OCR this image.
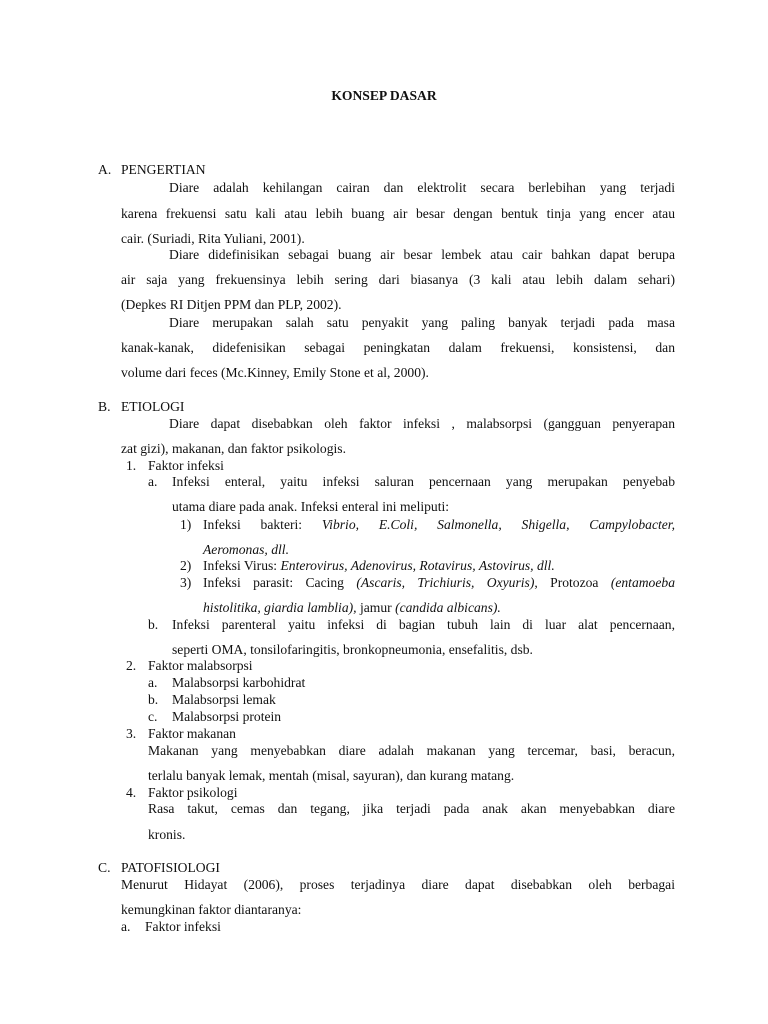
KONSEP DASAR
A. PENGERTIAN
Diare adalah kehilangan cairan dan elektrolit secara berlebihan yang terjadi
karena frekuensi satu kali atau lebih buang air besar dengan bentuk tinja yang encer atau
cair. (Suriadi, Rita Yuliani, 2001).
Diare didefinisikan sebagai buang air besar lembek atau cair bahkan dapat berupa
air saja yang frekuensinya lebih sering dari biasanya (3 kali atau lebih dalam sehari)
(Depkes RI Ditjen PPM dan PLP, 2002).
Diare merupakan salah satu penyakit yang paling banyak terjadi pada masa
kanak-kanak, didefenisikan sebagai peningkatan dalam frekuensi, konsistensi, dan
volume dari feces (Mc.Kinney, Emily Stone et al, 2000).
B. ETIOLOGI
Diare dapat disebabkan oleh faktor infeksi , malabsorpsi (gangguan penyerapan
zat gizi), makanan, dan faktor psikologis.
1. Faktor infeksi
a. Infeksi enteral, yaitu infeksi saluran pencernaan yang merupakan penyebab
utama diare pada anak. Infeksi enteral ini meliputi:
1) Infeksi bakteri: Vibrio, E.Coli, Salmonella, Shigella, Campylobacter,
Aeromonas, dll.
2) Infeksi Virus: Enterovirus, Adenovirus, Rotavirus, Astovirus, dll.
3) Infeksi parasit: Cacing (Ascaris, Trichiuris, Oxyuris), Protozoa (entamoeba
histolitika, giardia lamblia), jamur (candida albicans).
b. Infeksi parenteral yaitu infeksi di bagian tubuh lain di luar alat pencernaan,
seperti OMA, tonsilofaringitis, bronkopneumonia, ensefalitis, dsb.
2. Faktor malabsorpsi
a. Malabsorpsi karbohidrat
b. Malabsorpsi lemak
c. Malabsorpsi protein
3. Faktor makanan
Makanan yang menyebabkan diare adalah makanan yang tercemar, basi, beracun,
terlalu banyak lemak, mentah (misal, sayuran), dan kurang matang.
4. Faktor psikologi
Rasa takut, cemas dan tegang, jika terjadi pada anak akan menyebabkan diare
kronis.
C. PATOFISIOLOGI
Menurut Hidayat (2006), proses terjadinya diare dapat disebabkan oleh berbagai
kemungkinan faktor diantaranya:
a. Faktor infeksi
